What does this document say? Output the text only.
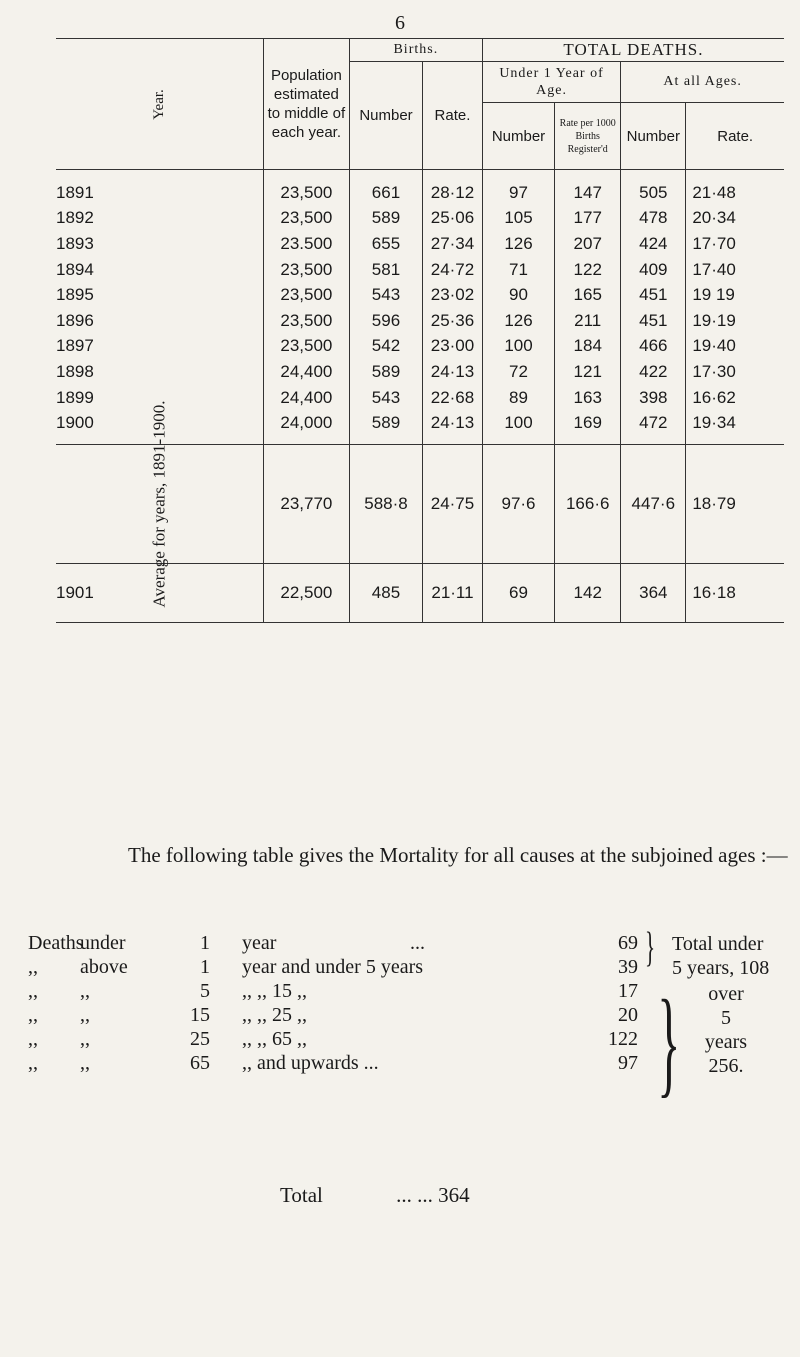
6
Year.	Population estimated to middle of each year.	Births.		TOTAL DEATHS.			
		Number	Rate.	Under 1 Year of Age.		At all Ages.	
				Number	Rate per 1000 Births Register'd	Number	Rate.
1891	23,500	661	28·12	97	147	505	21·48
1892	23,500	589	25·06	105	177	478	20·34
1893	23.500	655	27·34	126	207	424	17·70
1894	23,500	581	24·72	71	122	409	17·40
1895	23,500	543	23·02	90	165	451	19 19
1896	23,500	596	25·36	126	211	451	19·19
1897	23,500	542	23·00	100	184	466	19·40
1898	24,400	589	24·13	72	121	422	17·30
1899	24,400	543	22·68	89	163	398	16·62
1900	24,000	589	24·13	100	169	472	19·34
Average for years, 1891-1900.	23,770	588·8	24·75	97·6	166·6	447·6	18·79
1901	22,500	485	21·11	69	142	364	16·18
The following table gives the Mortality for all causes at the subjoined ages :—
Deaths
under	1 year	...	69
,, above	1 year and under 5 years	39
,, ,,	5 ,, ,, 15 ,,	17
,, ,,	15 ,, ,, 25 ,,	20
,, ,,	25 ,, ,, 65 ,,	122
,, ,,	65 ,, and upwards ...	97
}
}
Total under
5 years, 108
over
5
years
256.
Total	... ... 364
